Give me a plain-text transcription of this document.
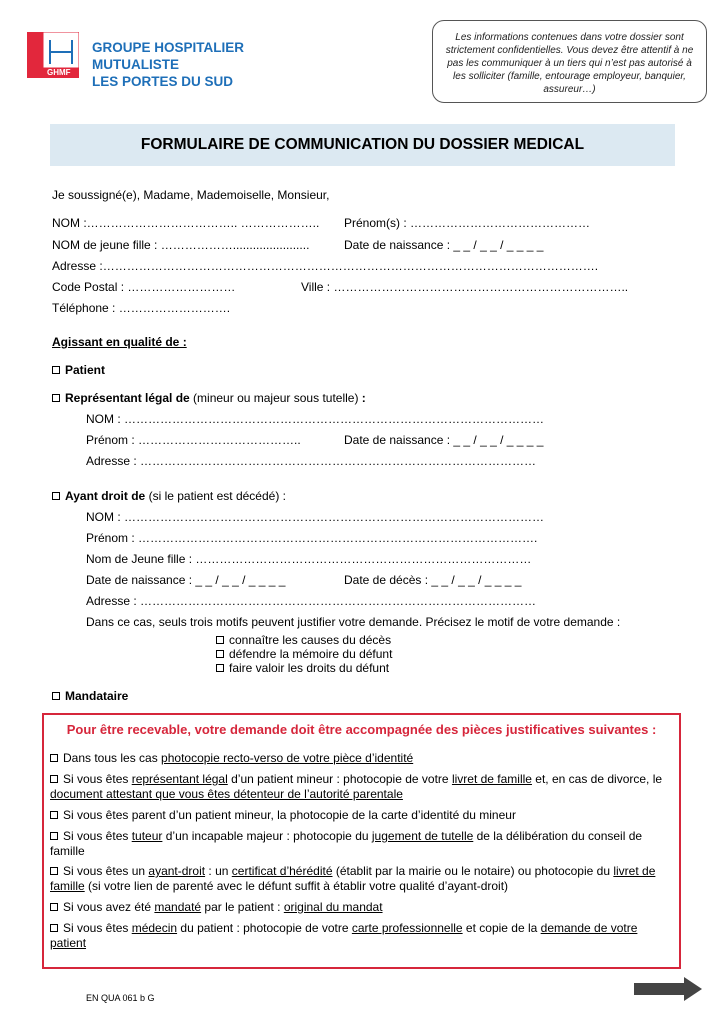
GHMF
GROUPE HOSPITALIER
MUTUALISTE
LES PORTES DU SUD
Les informations contenues dans votre dossier sont strictement confidentielles. Vous devez être attentif à ne pas les communiquer à un tiers qui n’est pas autorisé à les solliciter (famille, entourage employeur, banquier, assureur…)
FORMULAIRE DE COMMUNICATION DU DOSSIER MEDICAL
Je soussigné(e), Madame, Mademoiselle, Monsieur,
NOM :……………………………….. ……………….. Prénom(s) : ………………………………………
NOM de jeune fille : ……………….......................	Date de naissance : _ _ / _ _ / _ _ _ _
Adresse :…………………………………………………………………………………………………………….
Code Postal : ………………………	Ville : ………………………………………………………………..
Téléphone : ……………………….
Agissant en qualité de :
Patient
Représentant légal de (mineur ou majeur sous tutelle) :
NOM : ……………………………………………………………………………………………
Prénom : …………………………………..	Date de naissance : _ _ / _ _ / _ _ _ _
Adresse : ………………………………………………………………………………………
Ayant droit de (si le patient est décédé) :
NOM : ……………………………………………………………………………………………
Prénom : ……………………………………………………………………………………….
Nom de Jeune fille : …………………………………………………………………………
Date de naissance : _ _ / _ _ / _ _ _ _	Date de décès : _ _ / _ _ / _ _ _ _
Adresse : ………………………………………………………………………………………
Dans ce cas, seuls trois motifs peuvent justifier votre demande. Précisez le motif de votre demande :
connaître les causes du décès
défendre la mémoire du défunt
faire valoir les droits du défunt
Mandataire
Pour être recevable, votre demande doit être accompagnée des pièces justificatives suivantes :
Dans tous les cas photocopie recto-verso de votre pièce d’identité
Si vous êtes représentant légal d’un patient mineur : photocopie de votre livret de famille et, en cas de divorce, le document attestant que vous êtes détenteur de l’autorité parentale
Si vous êtes parent d’un patient mineur, la photocopie de la carte d’identité du mineur
Si vous êtes tuteur d’un incapable majeur : photocopie du jugement de tutelle de la délibération du conseil de famille
Si vous êtes un ayant-droit : un certificat d’hérédité (établit par la mairie ou le notaire) ou photocopie du livret de famille (si votre lien de parenté avec le défunt suffit à établir votre qualité d’ayant-droit)
Si vous avez été mandaté par le patient : original du mandat
Si vous êtes médecin du patient : photocopie de votre carte professionnelle et copie de la demande de votre patient
EN QUA 061 b G
